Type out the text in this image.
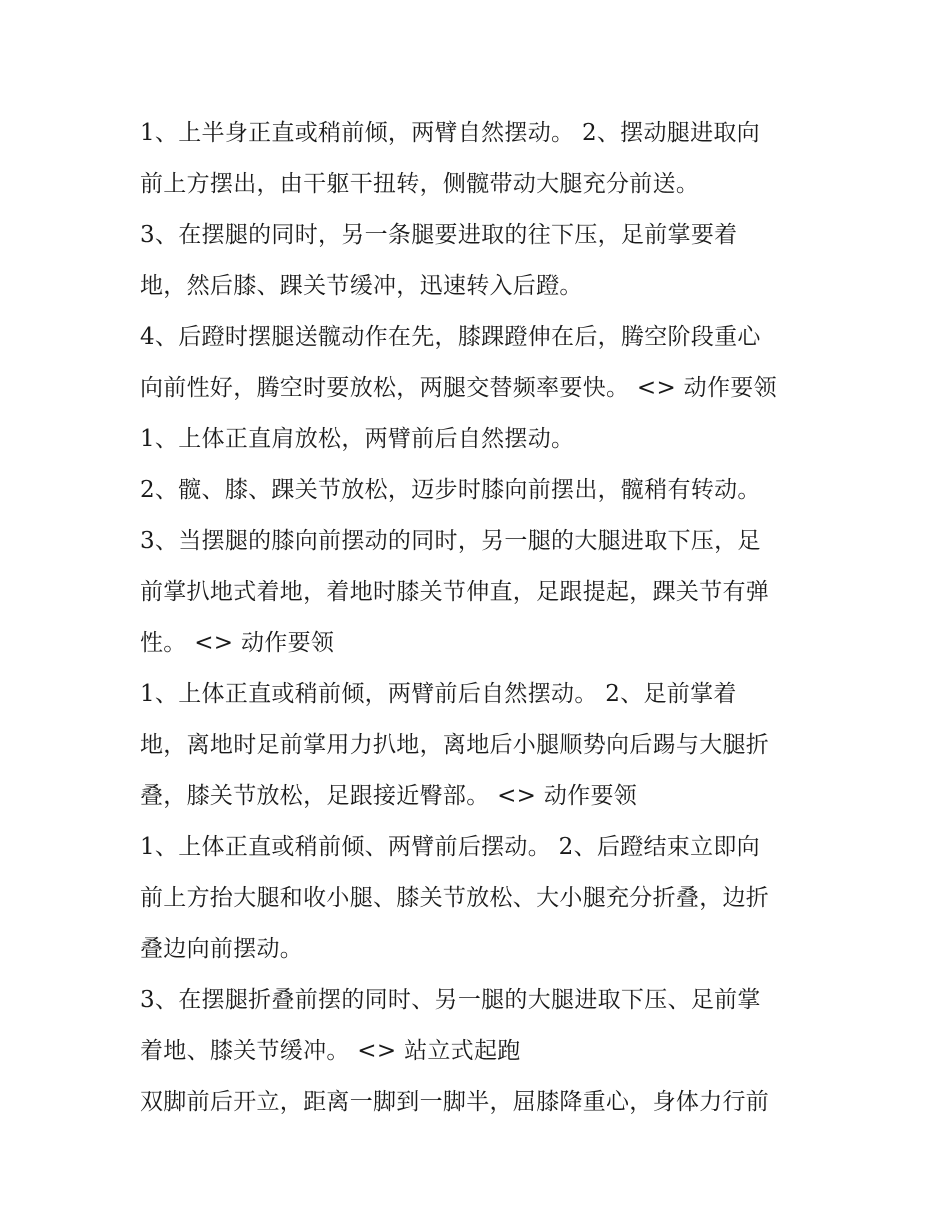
1、上半身正直或稍前倾，两臂自然摆动。 2、摆动腿进取向
前上方摆出，由干躯干扭转，侧髋带动大腿充分前送。
3、在摆腿的同时，另一条腿要进取的往下压，足前掌要着
地，然后膝、踝关节缓冲，迅速转入后蹬。
4、后蹬时摆腿送髋动作在先，膝踝蹬伸在后，腾空阶段重心
向前性好，腾空时要放松，两腿交替频率要快。 <> 动作要领
1、上体正直肩放松，两臂前后自然摆动。
2、髋、膝、踝关节放松，迈步时膝向前摆出，髋稍有转动。
3、当摆腿的膝向前摆动的同时，另一腿的大腿进取下压，足
前掌扒地式着地，着地时膝关节伸直，足跟提起，踝关节有弹
性。 <> 动作要领
1、上体正直或稍前倾，两臂前后自然摆动。 2、足前掌着
地，离地时足前掌用力扒地，离地后小腿顺势向后踢与大腿折
叠，膝关节放松，足跟接近臀部。 <> 动作要领
1、上体正直或稍前倾、两臂前后摆动。 2、后蹬结束立即向
前上方抬大腿和收小腿、膝关节放松、大小腿充分折叠，边折
叠边向前摆动。
3、在摆腿折叠前摆的同时、另一腿的大腿进取下压、足前掌
着地、膝关节缓冲。 <> 站立式起跑
双脚前后开立，距离一脚到一脚半，屈膝降重心，身体力行前
